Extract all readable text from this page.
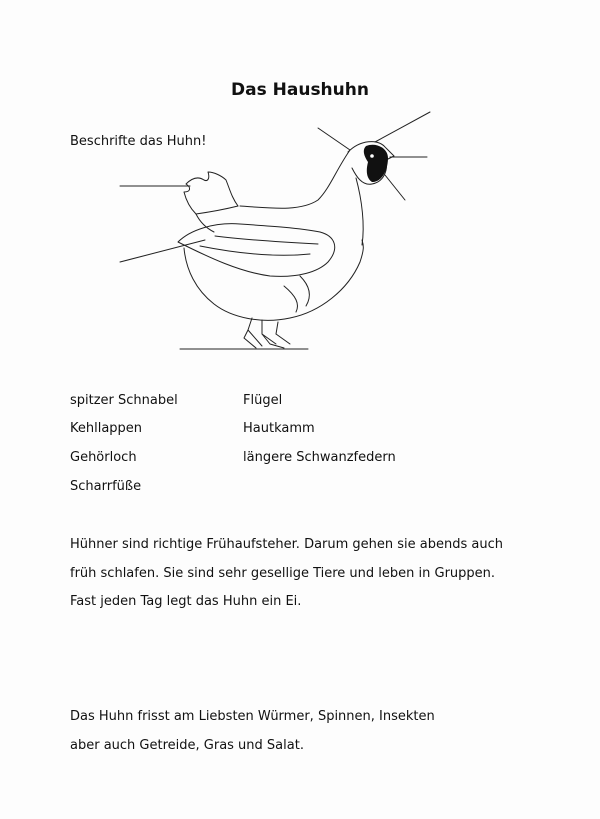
Das Haushuhn
Beschrifte das Huhn!
spitzer Schnabel
Kehllappen
Gehörloch
Scharrfüße
Flügel
Hautkamm
längere Schwanzfedern
Hühner sind richtige Frühaufsteher. Darum gehen sie abends auch
früh schlafen. Sie sind sehr gesellige Tiere und leben in Gruppen.
Fast jeden Tag legt das Huhn ein Ei.
Das Huhn frisst am Liebsten Würmer, Spinnen, Insekten
aber auch Getreide, Gras und Salat.
